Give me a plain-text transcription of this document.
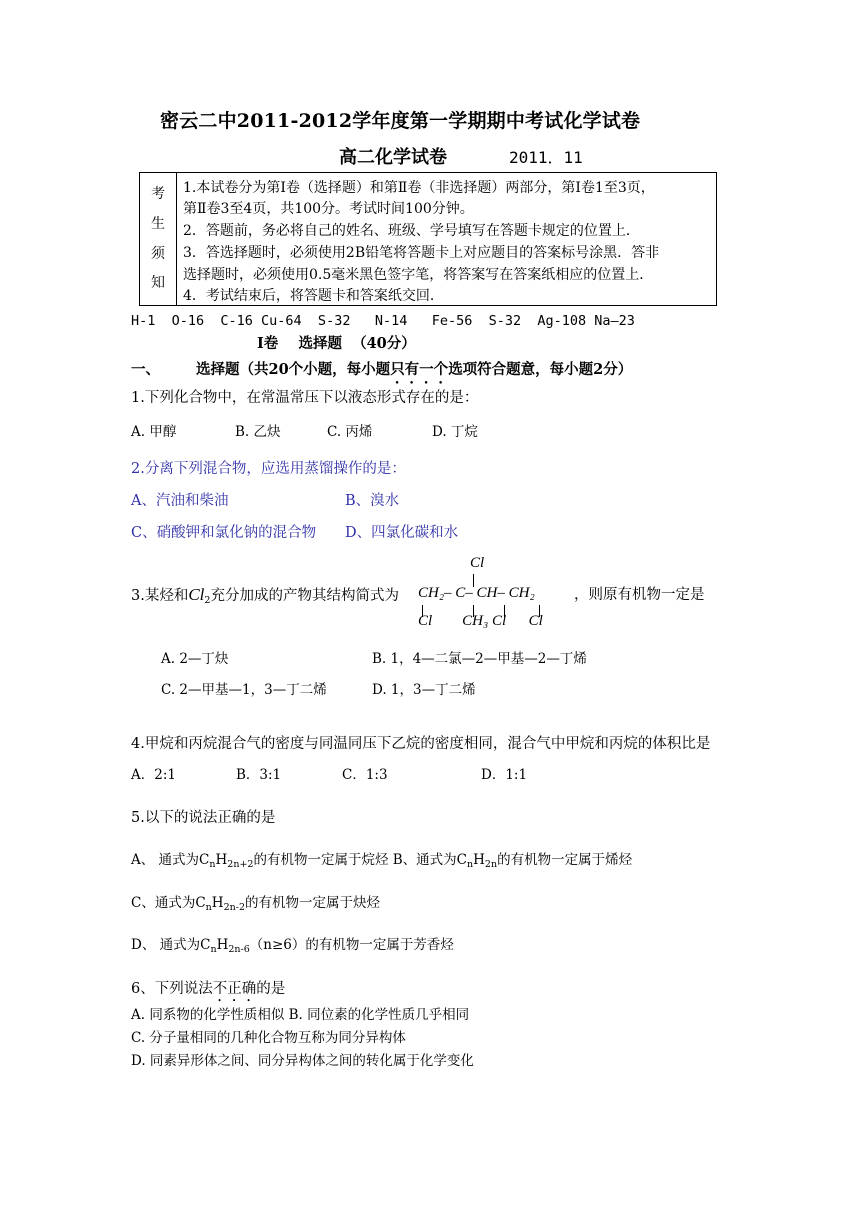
密云二中2011-2012学年度第一学期期中考试化学试卷
高二化学试卷	2011．11
考
生
须
知
1.本试卷分为第Ⅰ卷（选择题）和第Ⅱ卷（非选择题）两部分，第Ⅰ卷1至3页，
第Ⅱ卷3至4页，共100分。考试时间100分钟。
2．答题前，务必将自己的姓名、班级、学号填写在答题卡规定的位置上．
3．答选择题时，必须使用2B铅笔将答题卡上对应题目的答案标号涂黑．答非
选择题时，必须使用0.5毫米黑色签字笔，将答案写在答案纸相应的位置上．
4．考试结束后，将答题卡和答案纸交回．
H-1  O-16  C-16 Cu-64  S-32   N-14   Fe-56  S-32  Ag-108 Na—23
Ⅰ卷    选择题  （40分）
一、 选择题（共20个小题，每小题只有一个选项符合题意，每小题2分）
1.下列化合物中，在常温常压下以液态形式存在的是：
A. 甲醇	B. 乙炔	C. 丙烯	D. 丁烷
2.分离下列混合物，应选用蒸馏操作的是：
A、汽油和柴油	B、溴水
C、硝酸钾和氯化钠的混合物 D、四氯化碳和水
3.某烃和$Cl_2$充分加成的产物其结构简式为
Cl
CH₂– C– CH– CH₂
Cl        CH₃ Cl      Cl
，则原有机物一定是
A. 2—丁炔	B. 1，4—二氯—2—甲基—2—丁烯
C. 2—甲基—1，3—丁二烯	D. 1，3—丁二烯
4.甲烷和丙烷混合气的密度与同温同压下乙烷的密度相同，混合气中甲烷和丙烷的体积比是
A．2:1	B．3:1	C．1:3	D．1:1
5.以下的说法正确的是
A、 通式为$C_nH_{2n+2}$的有机物一定属于烷烃 B、通式为$C_nH_{2n}$的有机物一定属于烯烃
C、通式为$C_nH_{2n-2}$的有机物一定属于炔烃
D、 通式为$C_nH_{2n-6}(n\ge 6)$的有机物一定属于芳香烃
6、下列说法不正确的是
A. 同系物的化学性质相似 B. 同位素的化学性质几乎相同
C. 分子量相同的几种化合物互称为同分异构体
D. 同素异形体之间、同分异构体之间的转化属于化学变化
